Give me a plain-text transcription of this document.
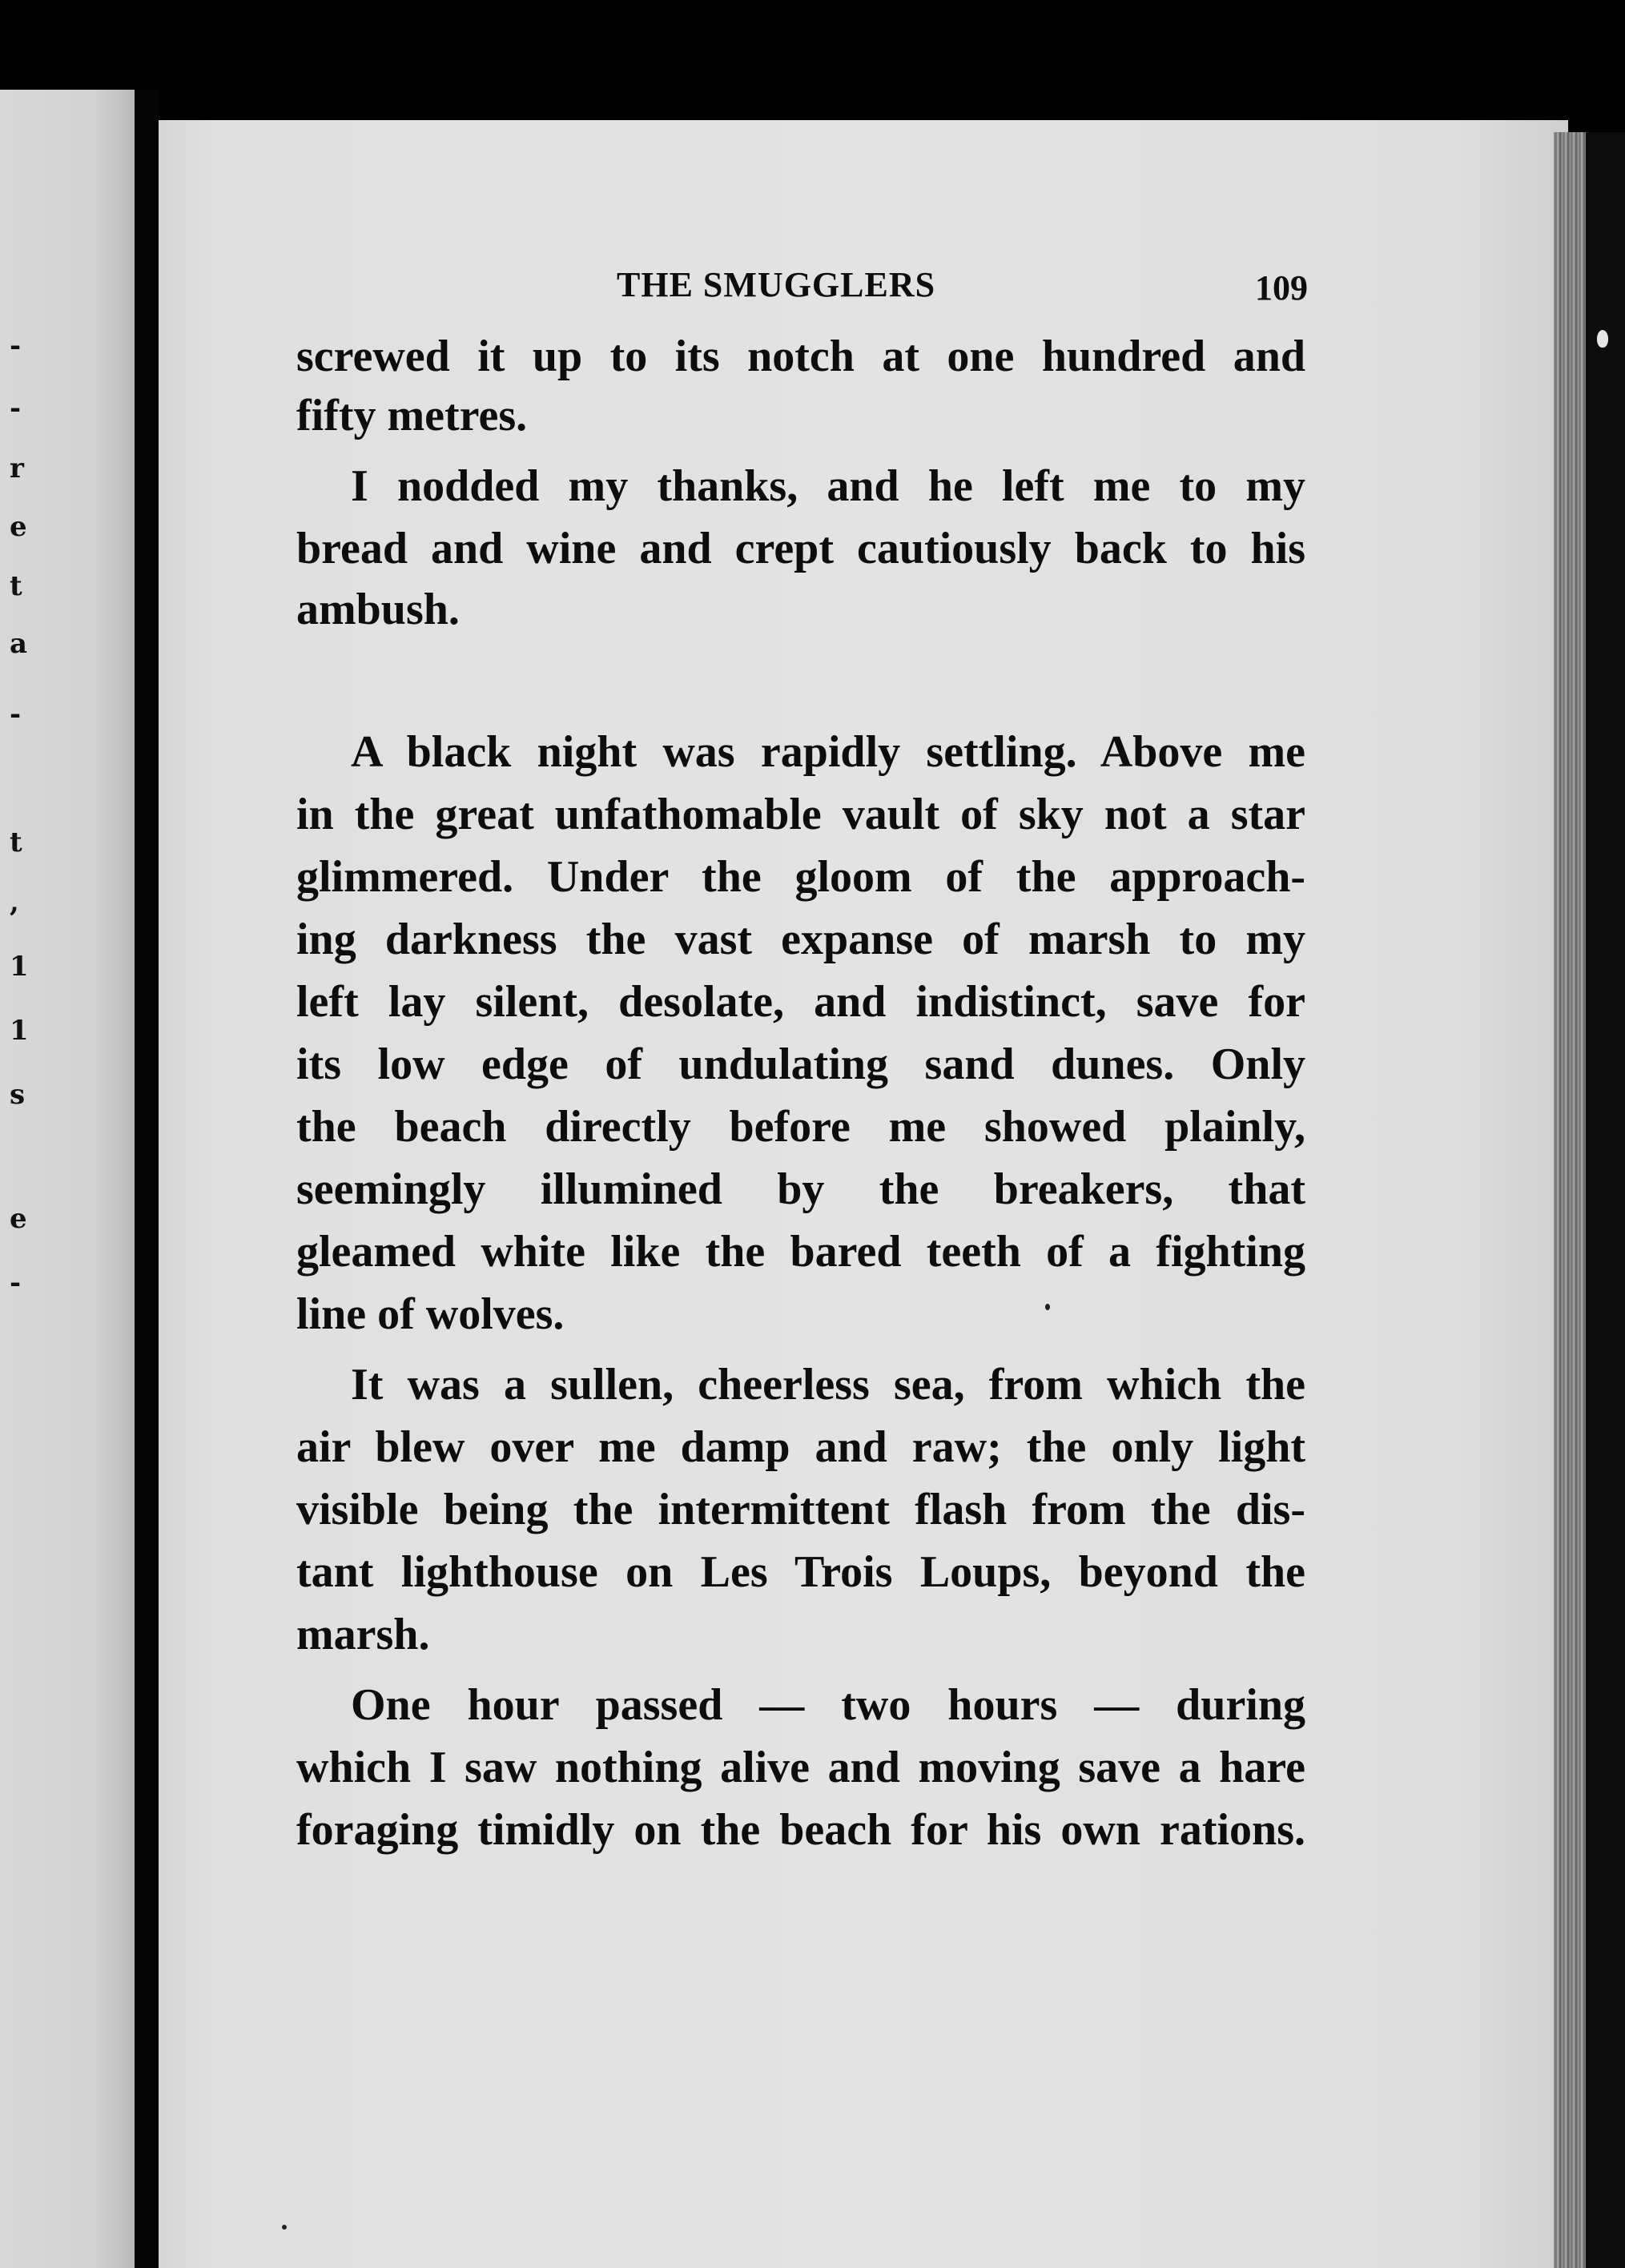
-
-
r
e
t
a
-
t
,
1
1
s
e
-
THE SMUGGLERS	109
screwed it up to its notch at one hundred and
fifty metres.
I nodded my thanks, and he left me to my
bread and wine and crept cautiously back to his
ambush.
A black night was rapidly settling. Above me
in the great unfathomable vault of sky not a star
glimmered. Under the gloom of the approach-
ing darkness the vast expanse of marsh to my
left lay silent, desolate, and indistinct, save for
its low edge of undulating sand dunes. Only
the beach directly before me showed plainly,
seemingly illumined by the breakers, that
gleamed white like the bared teeth of a fighting
line of wolves.
It was a sullen, cheerless sea, from which the
air blew over me damp and raw; the only light
visible being the intermittent flash from the dis-
tant lighthouse on Les Trois Loups, beyond the
marsh.
One hour passed — two hours — during
which I saw nothing alive and moving save a hare
foraging timidly on the beach for his own rations.
